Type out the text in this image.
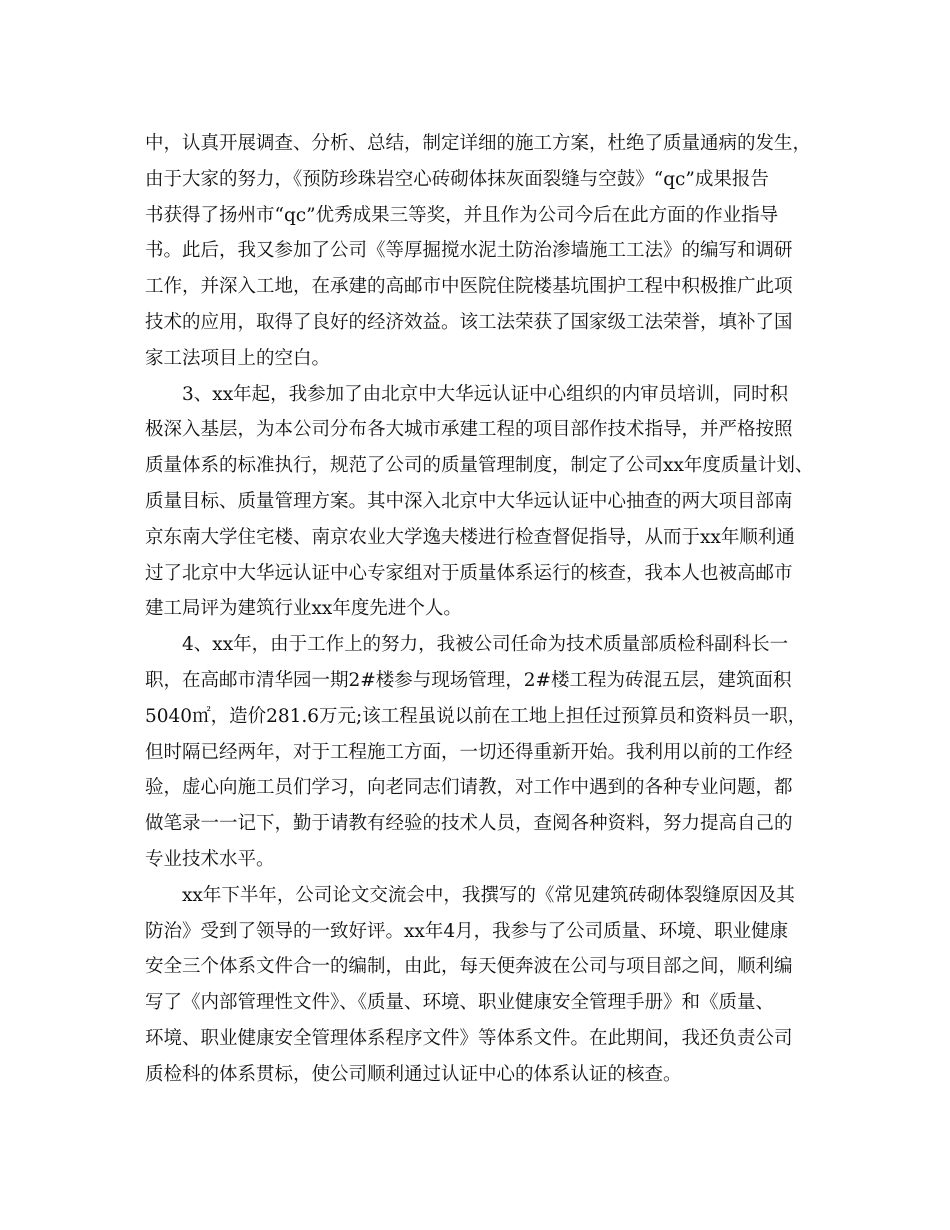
中，认真开展调查、分析、总结，制定详细的施工方案，杜绝了质量通病的发生，
由于大家的努力，《预防珍珠岩空心砖砌体抹灰面裂缝与空鼓》“qc”成果报告
书获得了扬州市“qc”优秀成果三等奖，并且作为公司今后在此方面的作业指导
书。此后，我又参加了公司《等厚掘搅水泥土防治渗墙施工工法》的编写和调研
工作，并深入工地，在承建的高邮市中医院住院楼基坑围护工程中积极推广此项
技术的应用，取得了良好的经济效益。该工法荣获了国家级工法荣誉，填补了国
家工法项目上的空白。
3、xx年起，我参加了由北京中大华远认证中心组织的内审员培训，同时积
极深入基层，为本公司分布各大城市承建工程的项目部作技术指导，并严格按照
质量体系的标准执行，规范了公司的质量管理制度，制定了公司xx年度质量计划、
质量目标、质量管理方案。其中深入北京中大华远认证中心抽查的两大项目部南
京东南大学住宅楼、南京农业大学逸夫楼进行检查督促指导，从而于xx年顺利通
过了北京中大华远认证中心专家组对于质量体系运行的核查，我本人也被高邮市
建工局评为建筑行业xx年度先进个人。
4、xx年，由于工作上的努力，我被公司任命为技术质量部质检科副科长一
职，在高邮市清华园一期2#楼参与现场管理，2#楼工程为砖混五层，建筑面积
5040㎡，造价281.6万元;该工程虽说以前在工地上担任过预算员和资料员一职，
但时隔已经两年，对于工程施工方面，一切还得重新开始。我利用以前的工作经
验，虚心向施工员们学习，向老同志们请教，对工作中遇到的各种专业问题，都
做笔录一一记下，勤于请教有经验的技术人员，查阅各种资料，努力提高自己的
专业技术水平。
xx年下半年，公司论文交流会中，我撰写的《常见建筑砖砌体裂缝原因及其
防治》受到了领导的一致好评。xx年4月，我参与了公司质量、环境、职业健康
安全三个体系文件合一的编制，由此，每天便奔波在公司与项目部之间，顺利编
写了《内部管理性文件》、《质量、环境、职业健康安全管理手册》和《质量、
环境、职业健康安全管理体系程序文件》等体系文件。在此期间，我还负责公司
质检科的体系贯标，使公司顺利通过认证中心的体系认证的核查。
